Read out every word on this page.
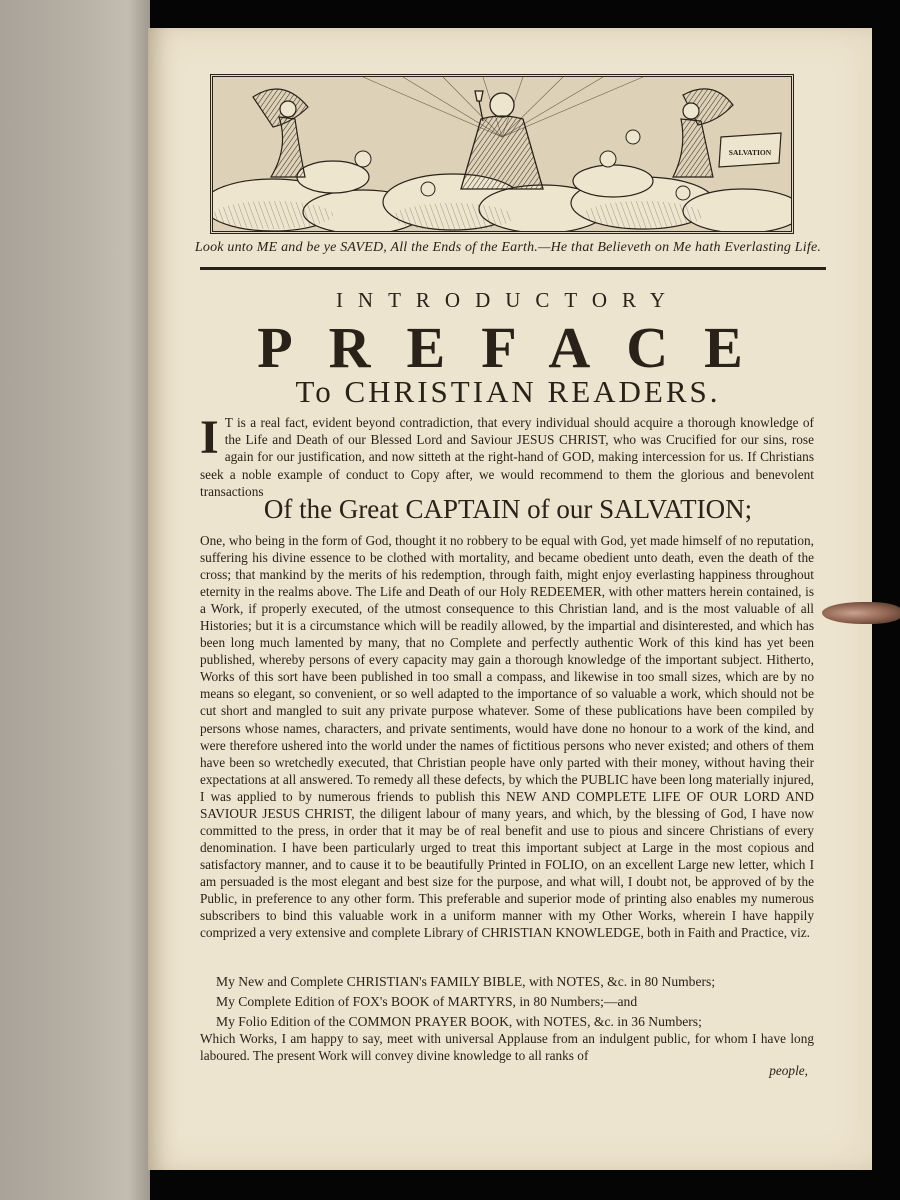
SALVATION
Look unto ME and be ye SAVED, All the Ends of the Earth.—He that Believeth on Me hath Everlasting Life.
INTRODUCTORY
PREFACE
To CHRISTIAN READERS.
I T is a real fact, evident beyond contradiction, that every individual should acquire a thorough knowledge of the Life and Death of our Blessed Lord and Saviour JESUS CHRIST, who was Crucified for our sins, rose again for our justification, and now sitteth at the right-hand of GOD, making intercession for us. If Christians seek a noble example of conduct to Copy after, we would recommend to them the glorious and benevolent transactions
Of the Great CAPTAIN of our SALVATION;
One, who being in the form of God, thought it no robbery to be equal with God, yet made himself of no reputation, suffering his divine essence to be clothed with mortality, and became obedient unto death, even the death of the cross; that mankind by the merits of his redemption, through faith, might enjoy everlasting happiness throughout eternity in the realms above. The Life and Death of our Holy REDEEMER, with other matters herein contained, is a Work, if properly executed, of the utmost consequence to this Christian land, and is the most valuable of all Histories; but it is a circumstance which will be readily allowed, by the impartial and disinterested, and which has been long much lamented by many, that no Complete and perfectly authentic Work of this kind has yet been published, whereby persons of every capacity may gain a thorough knowledge of the important subject. Hitherto, Works of this sort have been published in too small a compass, and likewise in too small sizes, which are by no means so elegant, so convenient, or so well adapted to the importance of so valuable a work, which should not be cut short and mangled to suit any private purpose whatever. Some of these publications have been compiled by persons whose names, characters, and private sentiments, would have done no honour to a work of the kind, and were therefore ushered into the world under the names of fictitious persons who never existed; and others of them have been so wretchedly executed, that Christian people have only parted with their money, without having their expectations at all answered. To remedy all these defects, by which the PUBLIC have been long materially injured, I was applied to by numerous friends to publish this NEW AND COMPLETE LIFE OF OUR LORD AND SAVIOUR JESUS CHRIST, the diligent labour of many years, and which, by the blessing of God, I have now committed to the press, in order that it may be of real benefit and use to pious and sincere Christians of every denomination. I have been particularly urged to treat this important subject at Large in the most copious and satisfactory manner, and to cause it to be beautifully Printed in FOLIO, on an excellent Large new letter, which I am persuaded is the most elegant and best size for the purpose, and what will, I doubt not, be approved of by the Public, in preference to any other form. This preferable and superior mode of printing also enables my numerous subscribers to bind this valuable work in a uniform manner with my Other Works, wherein I have happily comprized a very extensive and complete Library of CHRISTIAN KNOWLEDGE, both in Faith and Practice, viz.
My New and Complete CHRISTIAN's FAMILY BIBLE, with NOTES, &c. in 80 Numbers;
My Complete Edition of FOX's BOOK of MARTYRS, in 80 Numbers;—and
My Folio Edition of the COMMON PRAYER BOOK, with NOTES, &c. in 36 Numbers;
Which Works, I am happy to say, meet with universal Applause from an indulgent public, for whom I have long laboured. The present Work will convey divine knowledge to all ranks of
people,
